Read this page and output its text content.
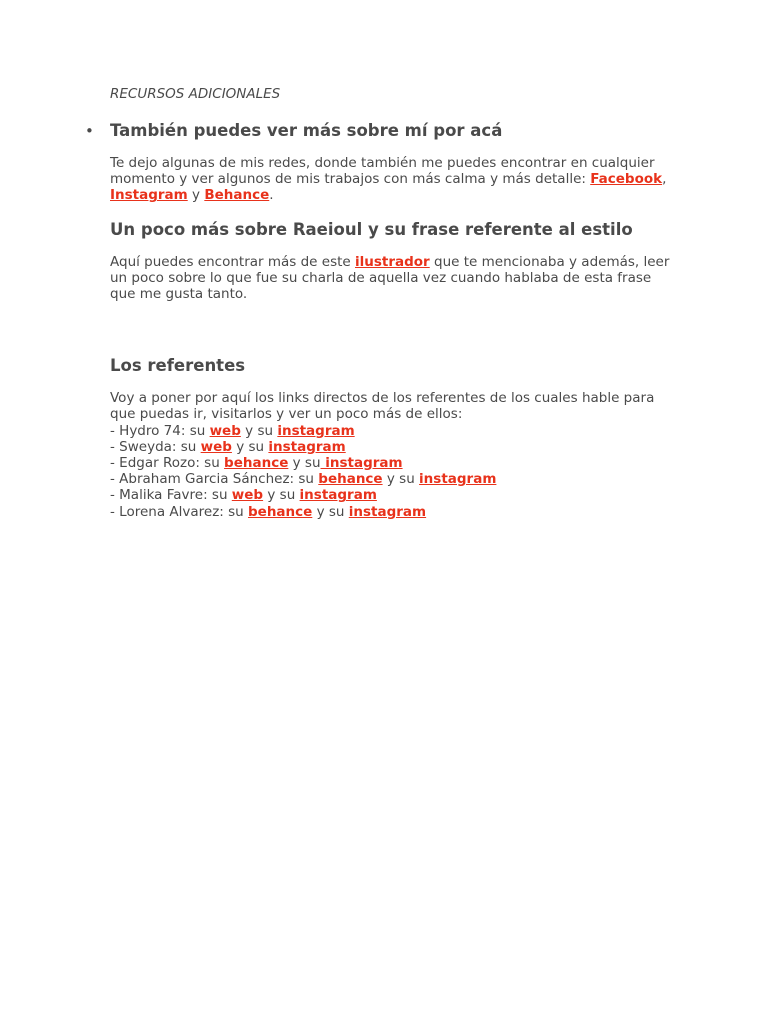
RECURSOS ADICIONALES

• También puedes ver más sobre mí por acá

Te dejo algunas de mis redes, donde también me puedes encontrar en cualquier momento y ver algunos de mis trabajos con más calma y más detalle: Facebook, Instagram y Behance.

Un poco más sobre Raeioul y su frase referente al estilo

Aquí puedes encontrar más de este ilustrador que te mencionaba y además, leer un poco sobre lo que fue su charla de aquella vez cuando hablaba de esta frase que me gusta tanto.

Los referentes

Voy a poner por aquí los links directos de los referentes de los cuales hable para que puedas ir, visitarlos y ver un poco más de ellos:
- Hydro 74: su web y su instagram
- Sweyda: su web y su instagram
- Edgar Rozo: su behance y su instagram
- Abraham Garcia Sánchez: su behance y su instagram
- Malika Favre: su web y su instagram
- Lorena Alvarez: su behance y su instagram
